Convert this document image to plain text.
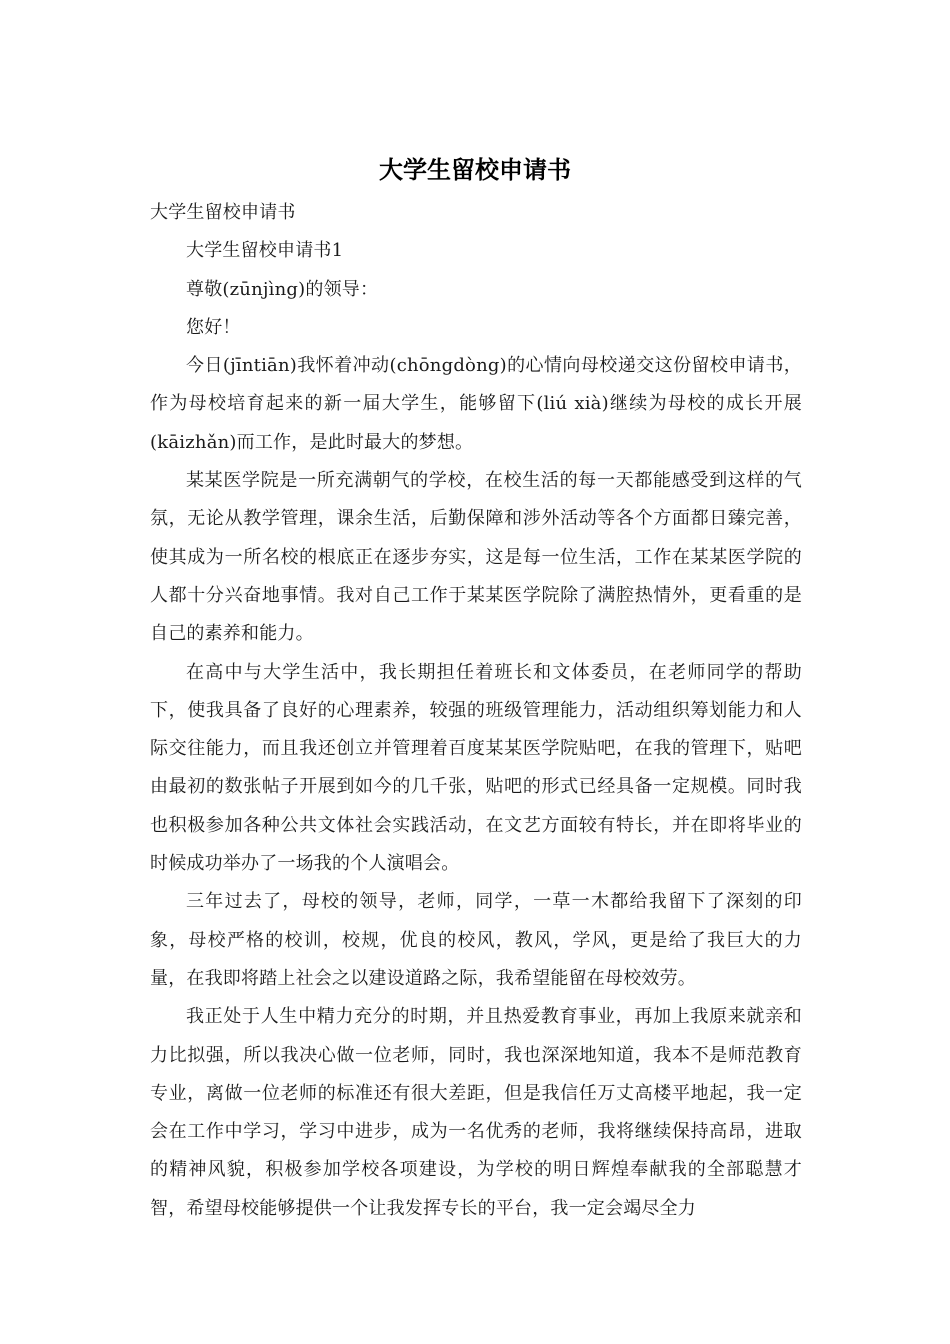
大学生留校申请书

大学生留校申请书

大学生留校申请书1

尊敬(zūnjìng)的领导：

您好！

今日(jīntiān)我怀着冲动(chōngdòng)的心情向母校递交这份留校申请书，作为母校培育起来的新一届大学生，能够留下(liú xià)继续为母校的成长开展(kāizhǎn)而工作，是此时最大的梦想。

某某医学院是一所充满朝气的学校，在校生活的每一天都能感受到这样的气氛，无论从教学管理，课余生活，后勤保障和涉外活动等各个方面都日臻完善，使其成为一所名校的根底正在逐步夯实，这是每一位生活，工作在某某医学院的人都十分兴奋地事情。我对自己工作于某某医学院除了满腔热情外，更看重的是自己的素养和能力。

在高中与大学生活中，我长期担任着班长和文体委员，在老师同学的帮助下，使我具备了良好的心理素养，较强的班级管理能力，活动组织筹划能力和人际交往能力，而且我还创立并管理着百度某某医学院贴吧，在我的管理下，贴吧由最初的数张帖子开展到如今的几千张，贴吧的形式已经具备一定规模。同时我也积极参加各种公共文体社会实践活动，在文艺方面较有特长，并在即将毕业的时候成功举办了一场我的个人演唱会。

三年过去了，母校的领导，老师，同学，一草一木都给我留下了深刻的印象，母校严格的校训，校规，优良的校风，教风，学风，更是给了我巨大的力量，在我即将踏上社会之以建设道路之际，我希望能留在母校效劳。

我正处于人生中精力充分的时期，并且热爱教育事业，再加上我原来就亲和力比拟强，所以我决心做一位老师，同时，我也深深地知道，我本不是师范教育专业，离做一位老师的标准还有很大差距，但是我信任万丈高楼平地起，我一定会在工作中学习，学习中进步，成为一名优秀的老师，我将继续保持高昂，进取的精神风貌，积极参加学校各项建设，为学校的明日辉煌奉献我的全部聪慧才智，希望母校能够提供一个让我发挥专长的平台，我一定会竭尽全力
